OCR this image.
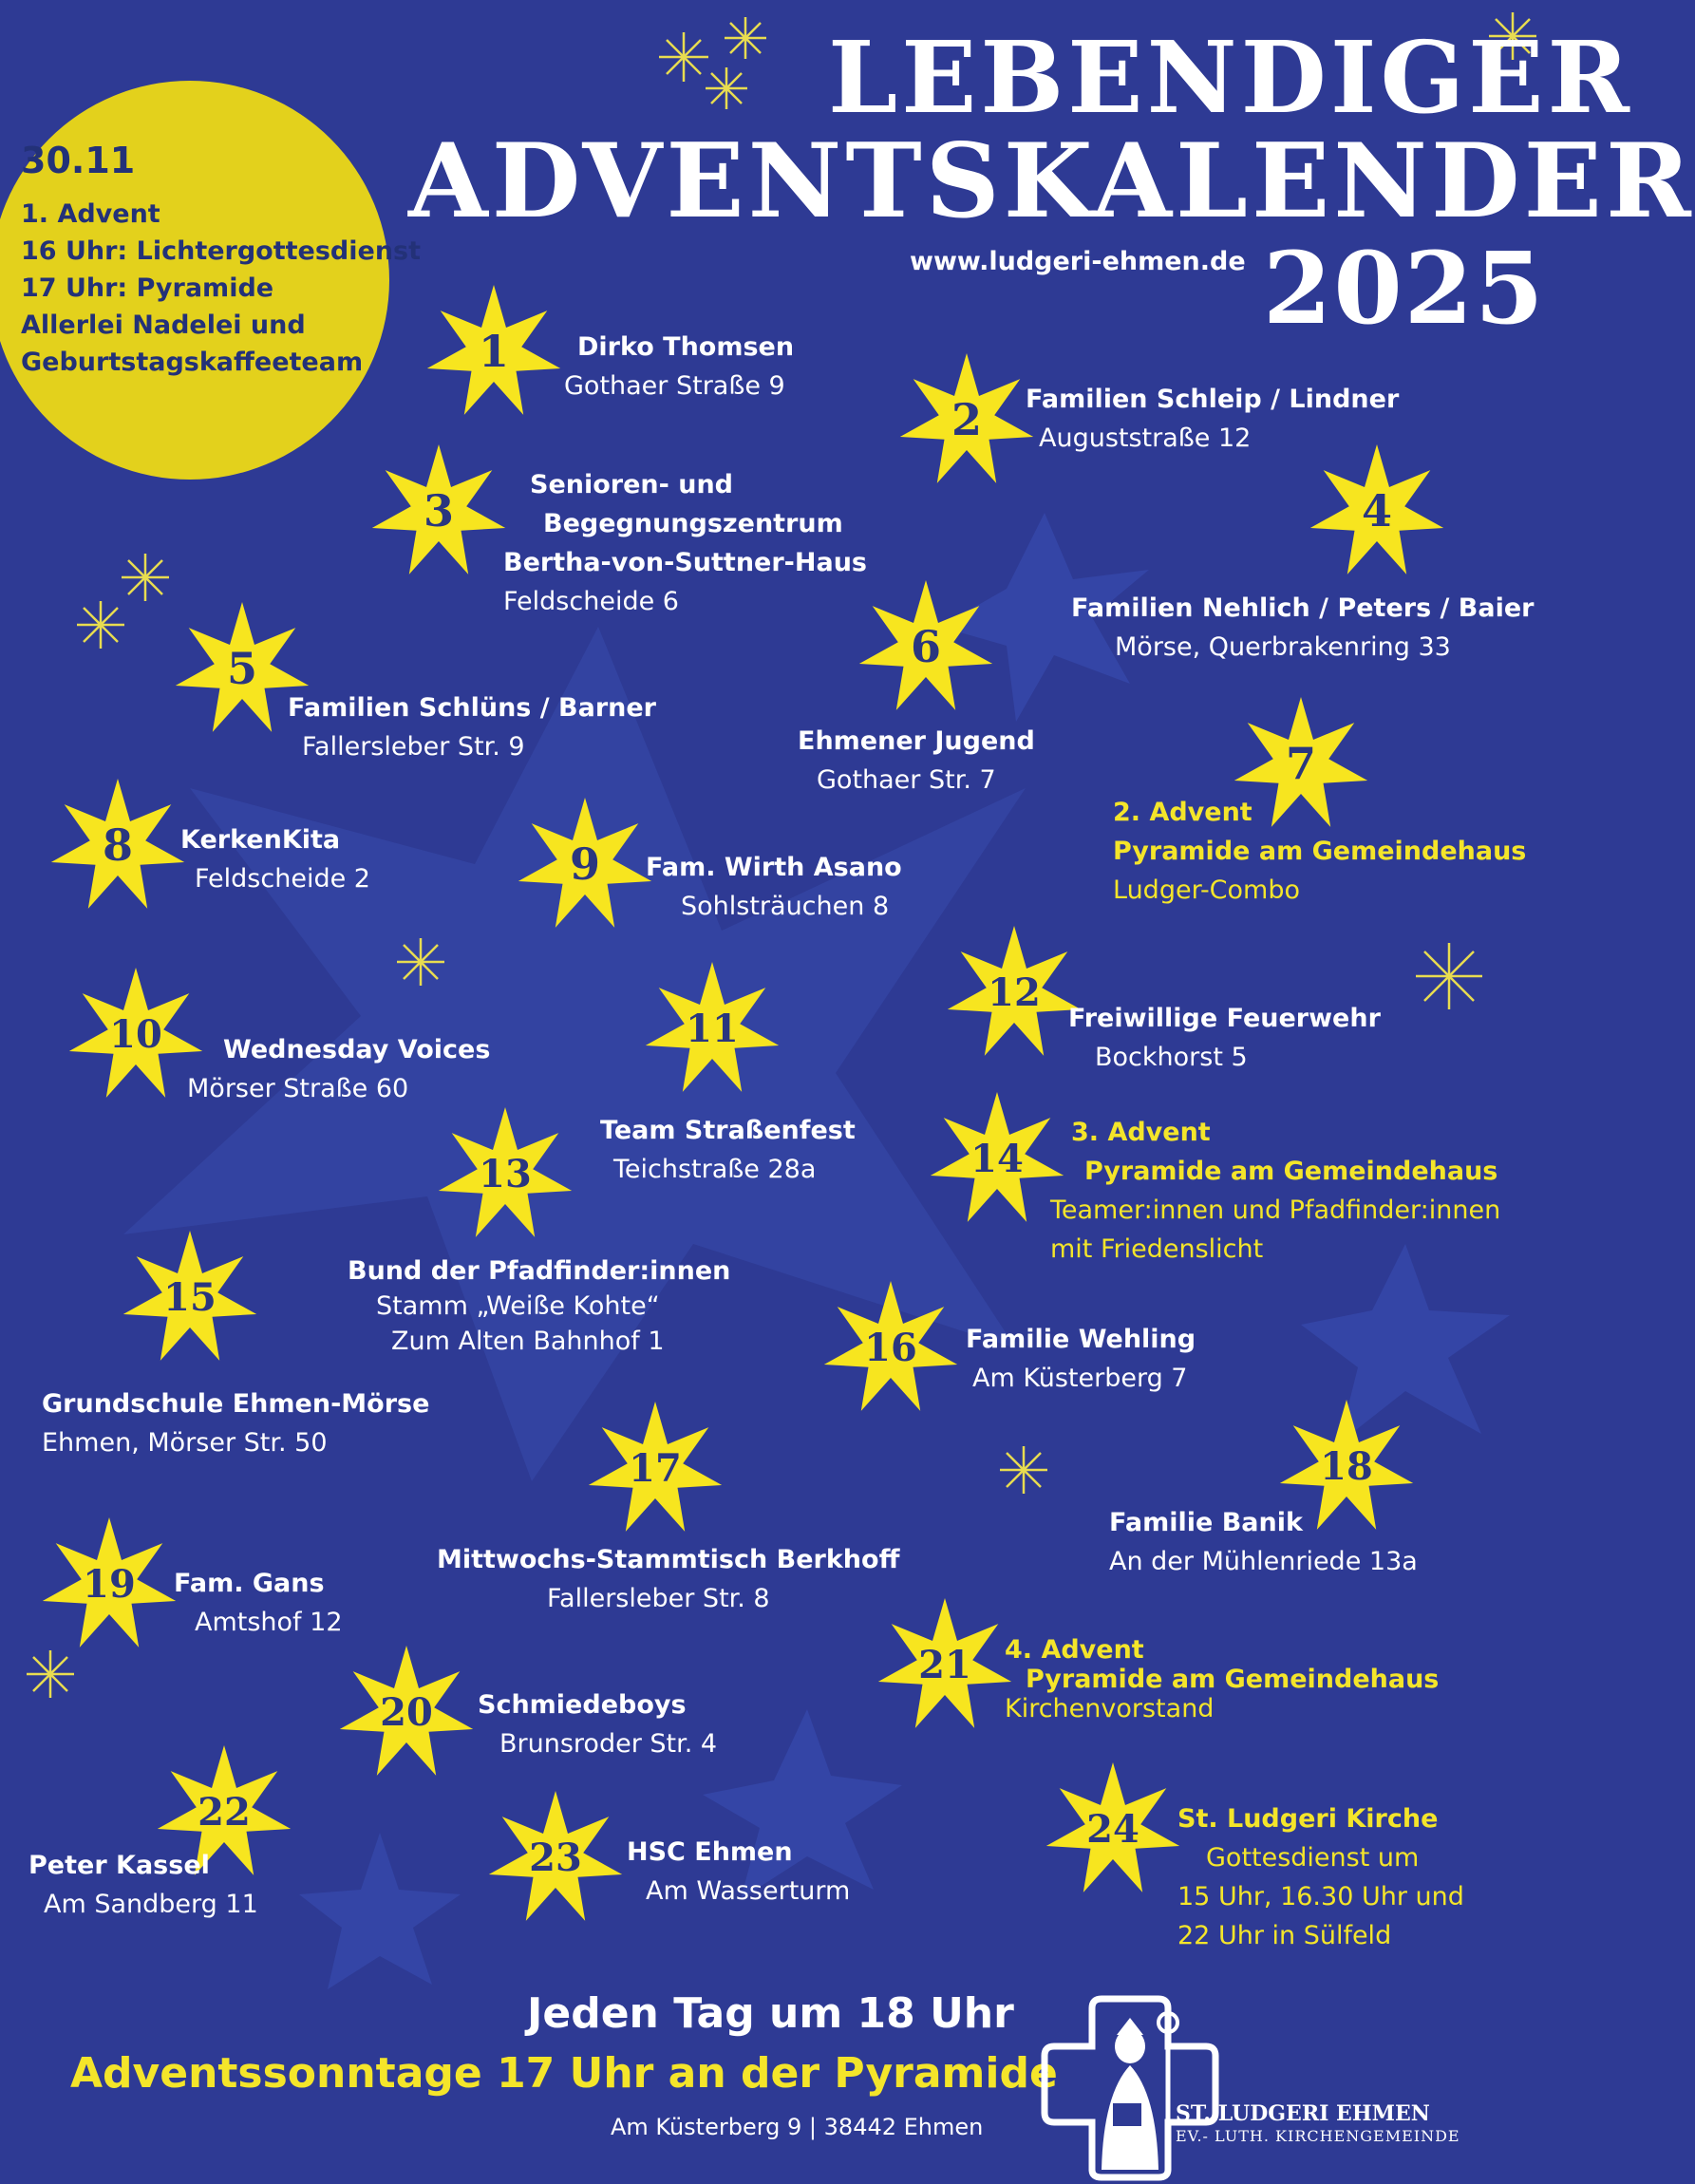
LEBENDIGER
ADVENTSKALENDER
2025
www.ludgeri-ehmen.de
30.11
1. Advent
16 Uhr: Lichtergottesdienst
17 Uhr: Pyramide
Allerlei Nadelei und
Geburtstagskaffeeteam	1
2
3	4
5	6
7
8	9
10	11
12
13	14
15
16
17	18
19
20
21
22
23
24
Dirko Thomsen
Gothaer Straße 9	Familien Schleip / Lindner
Auguststraße 12
Senioren- und
Begegnungszentrum
Bertha-von-Suttner-Haus
Feldscheide 6	Familien Nehlich / Peters / Baier
Mörse, Querbrakenring 33
Familien Schlüns / Barner
Fallersleber Str. 9	Ehmener Jugend
Gothaer Str. 7
2. Advent
Pyramide am Gemeindehaus
Ludger-Combo
KerkenKita
Feldscheide 2	Fam. Wirth Asano
Sohlsträuchen 8
Wednesday Voices
Mörser Straße 60
Team Straßenfest
Teichstraße 28a
Freiwillige Feuerwehr
Bockhorst 5
Bund der Pfadfinder:innen
Stamm „Weiße Kohte“
Zum Alten Bahnhof 1
3. Advent
Pyramide am Gemeindehaus
Teamer:innen und Pfadfinder:innen
mit Friedenslicht
Grundschule Ehmen-Mörse
Ehmen, Mörser Str. 50
Familie Wehling
Am Küsterberg 7
Mittwochs-Stammtisch Berkhoff
Fallersleber Str. 8
Familie Banik
An der Mühlenriede 13a
Fam. Gans
Amtshof 12
Schmiedeboys
Brunsroder Str. 4
4. Advent
Pyramide am Gemeindehaus
Kirchenvorstand
Peter Kassel
Am Sandberg 11
HSC Ehmen
Am Wasserturm
St. Ludgeri Kirche
Gottesdienst um
15 Uhr, 16.30 Uhr und
22 Uhr in Sülfeld
Jeden Tag um 18 Uhr
Adventssonntage 17 Uhr an der Pyramide
Am Küsterberg 9 | 38442 Ehmen	ST. LUDGERI EHMEN
EV.- LUTH. KIRCHENGEMEINDE
